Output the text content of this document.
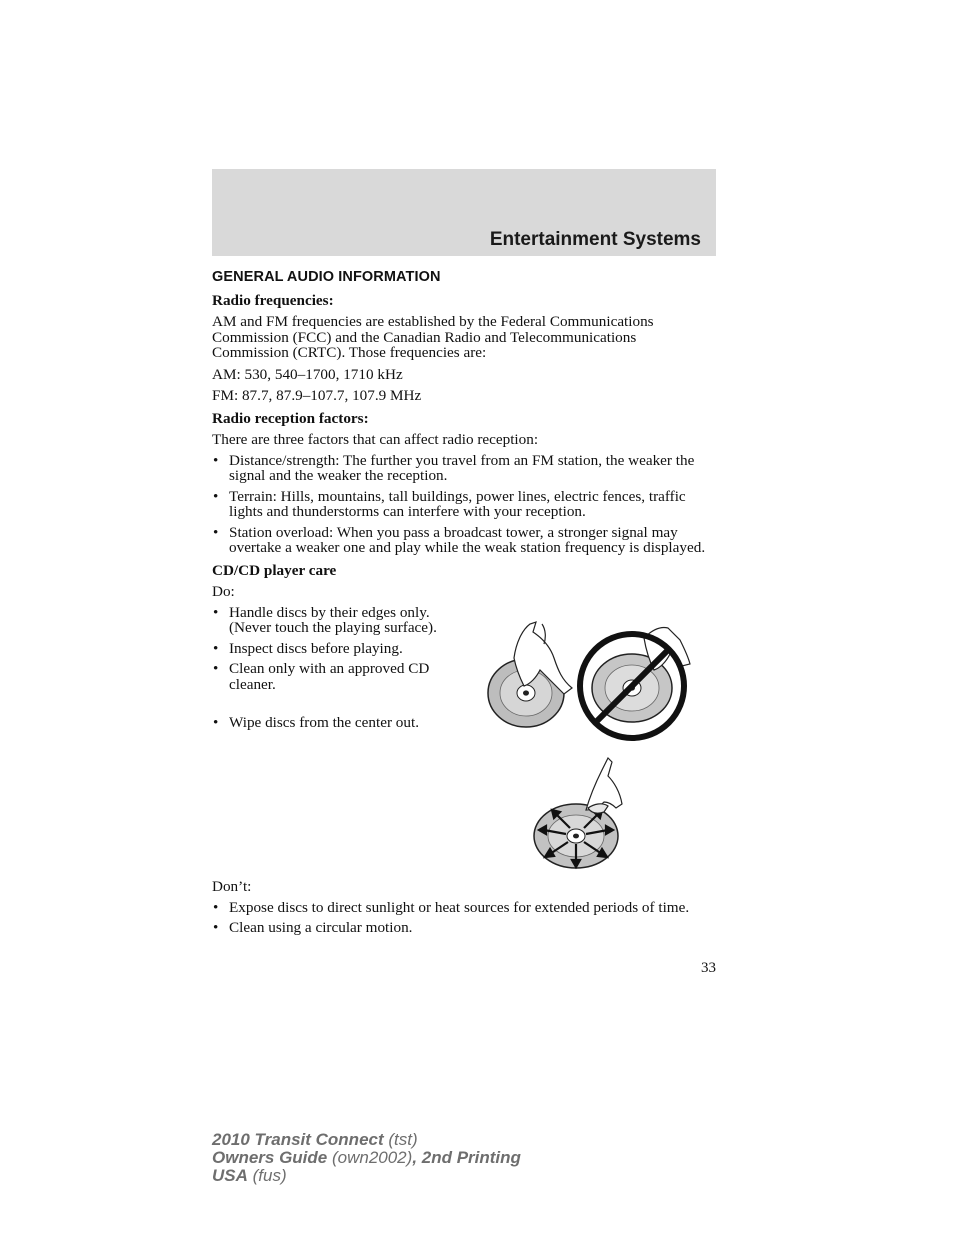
Entertainment Systems
GENERAL AUDIO INFORMATION
Radio frequencies:
AM and FM frequencies are established by the Federal Communications Commission (FCC) and the Canadian Radio and Telecommunications Commission (CRTC). Those frequencies are:
AM: 530, 540–1700, 1710 kHz
FM: 87.7, 87.9–107.7, 107.9 MHz
Radio reception factors:
There are three factors that can affect radio reception:
• Distance/strength: The further you travel from an FM station, the weaker the signal and the weaker the reception.
• Terrain: Hills, mountains, tall buildings, power lines, electric fences, traffic lights and thunderstorms can interfere with your reception.
• Station overload: When you pass a broadcast tower, a stronger signal may overtake a weaker one and play while the weak station frequency is displayed.
CD/CD player care
Do:
• Handle discs by their edges only. (Never touch the playing surface).
• Inspect discs before playing.
• Clean only with an approved CD cleaner.
• Wipe discs from the center out.
Don’t:
• Expose discs to direct sunlight or heat sources for extended periods of time.
• Clean using a circular motion.
33
2010 Transit Connect (tst)
Owners Guide (own2002), 2nd Printing
USA (fus)
